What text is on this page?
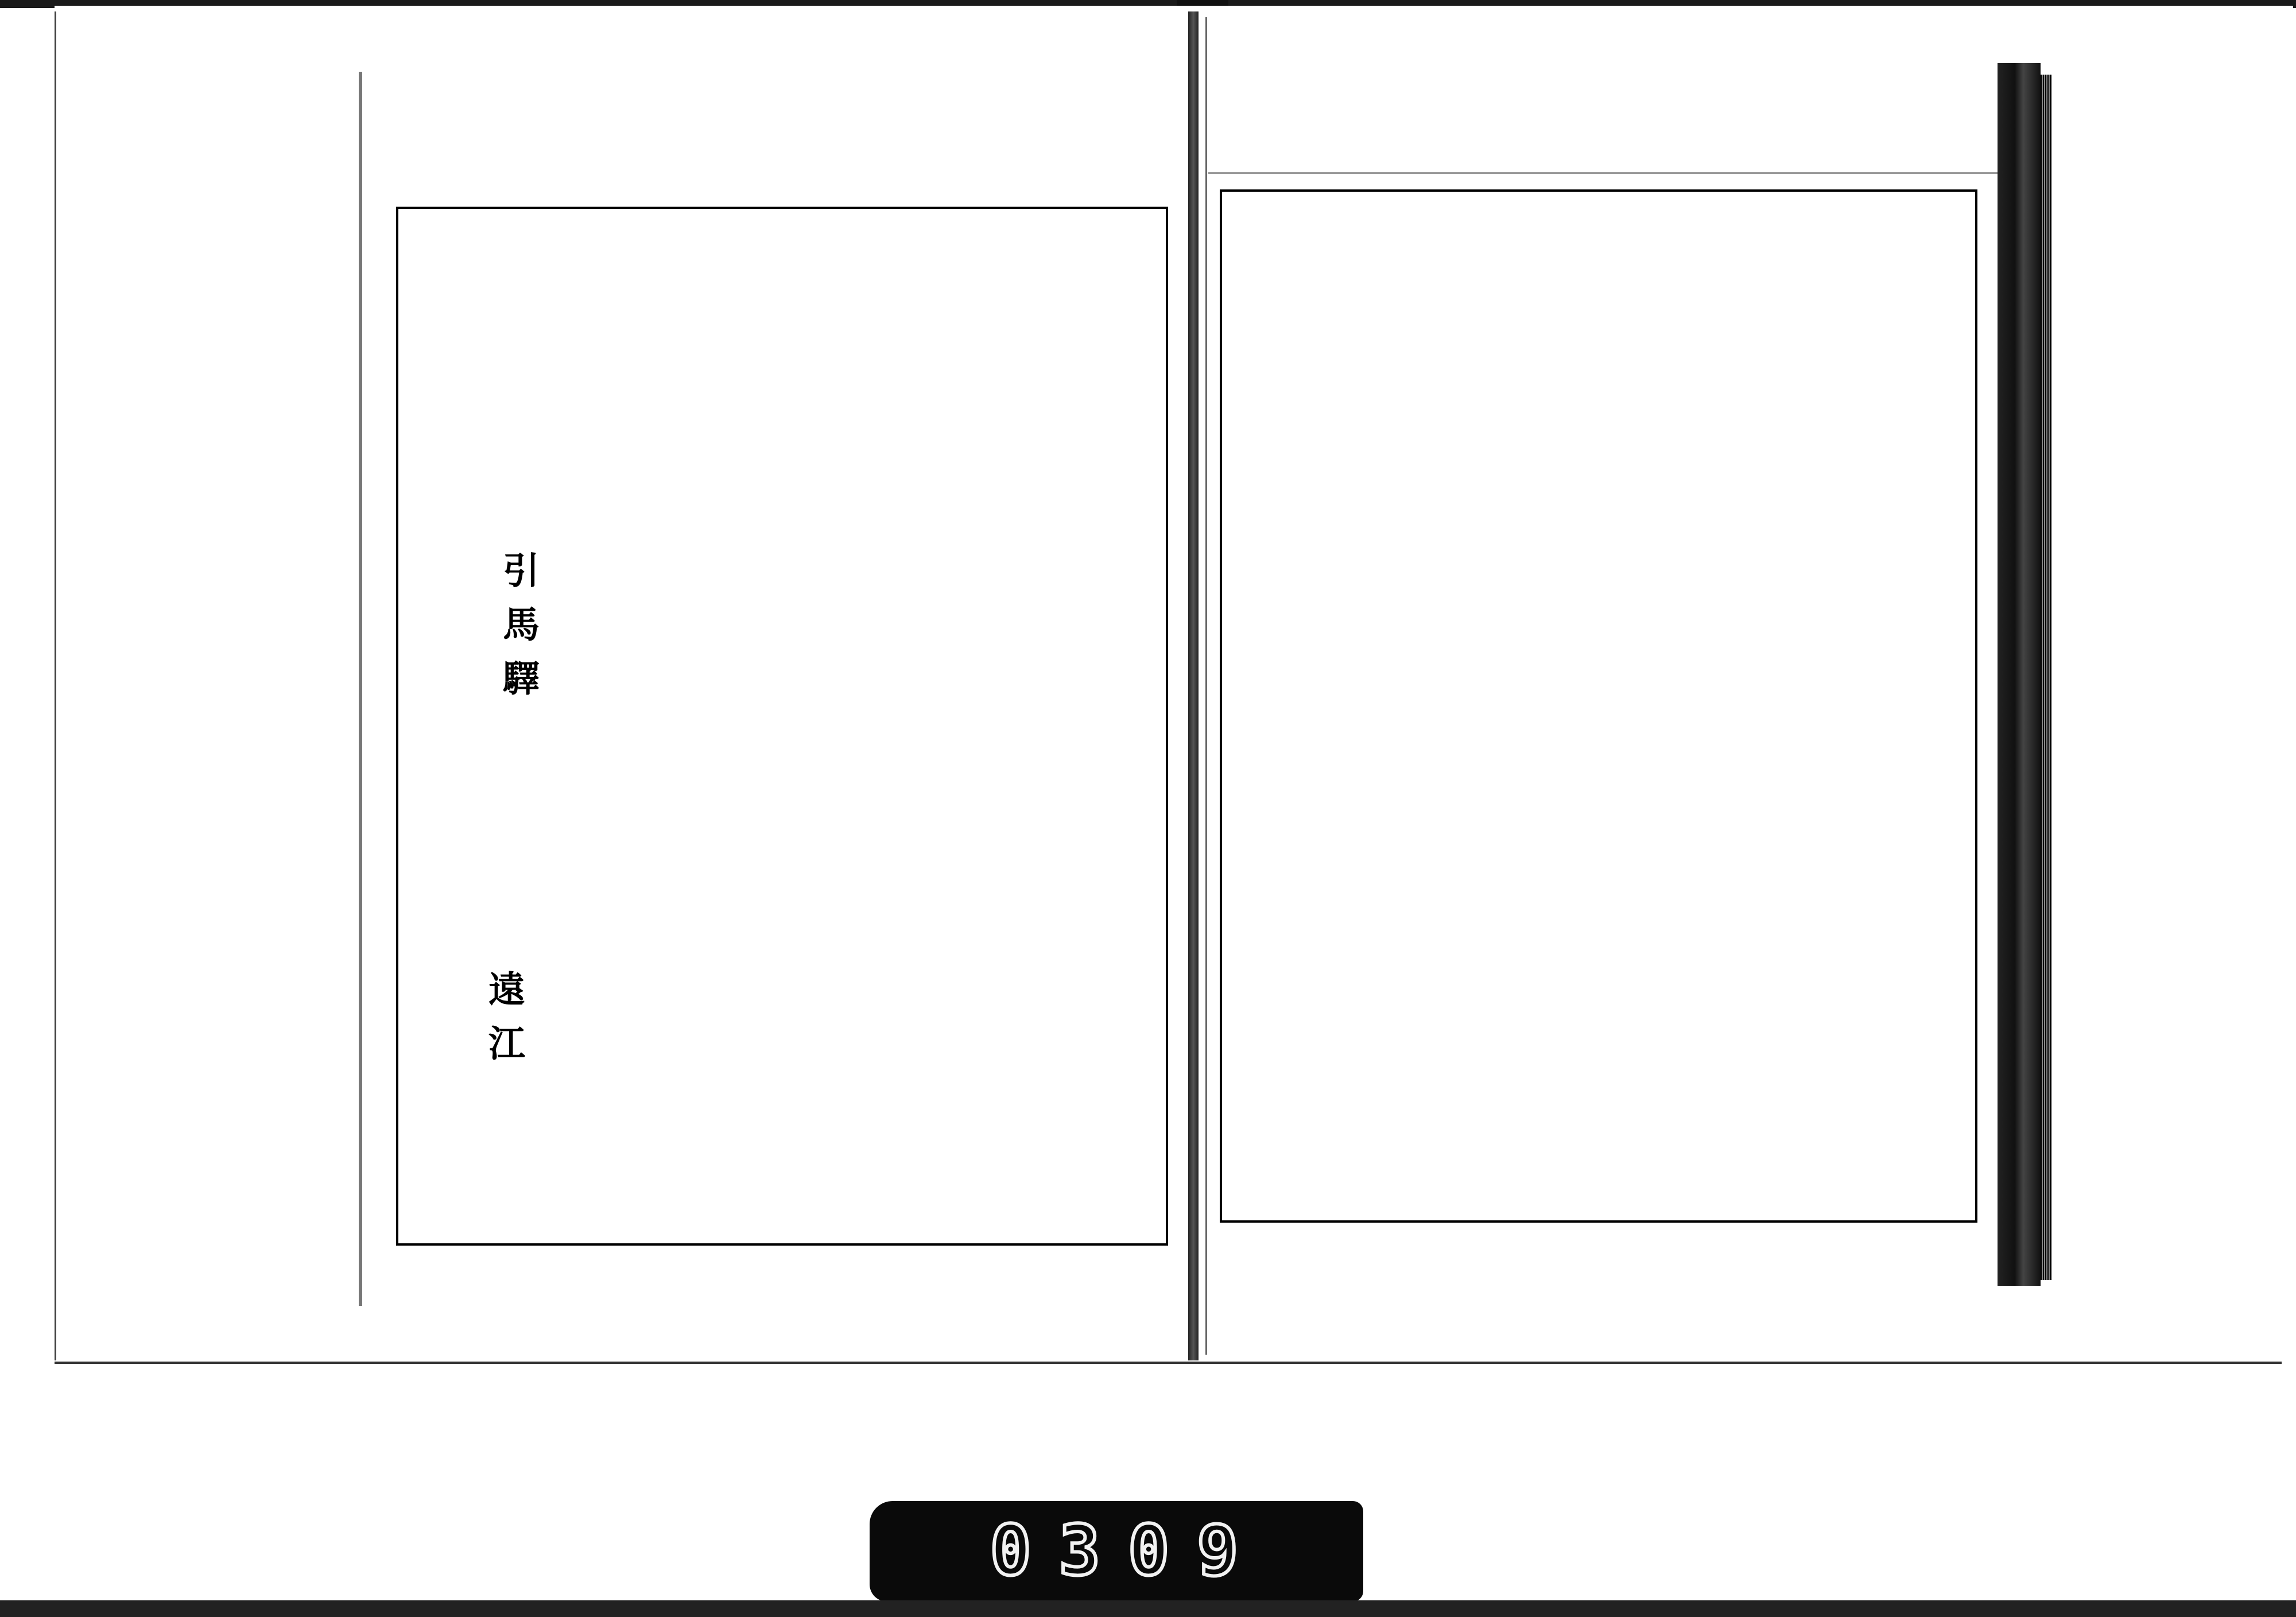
遠江
引馬驛
0309
